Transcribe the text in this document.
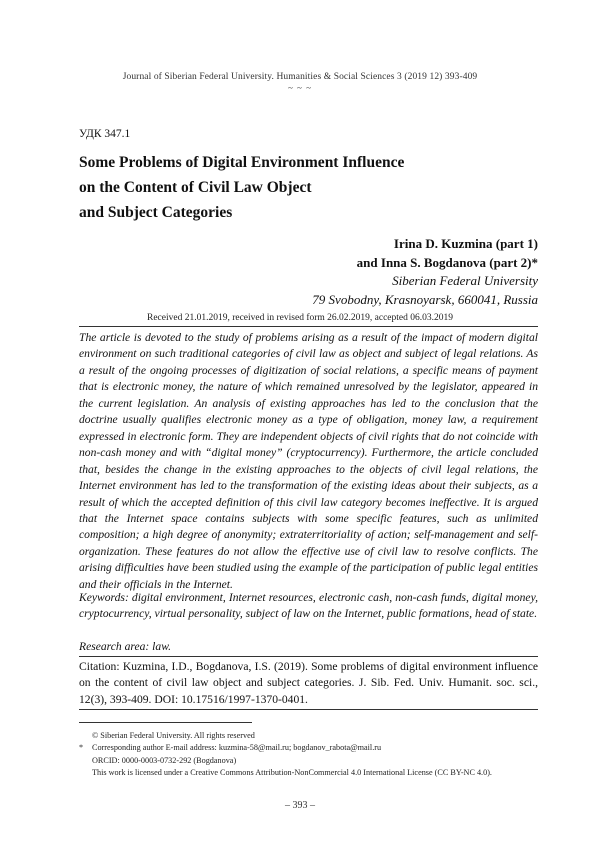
Journal of Siberian Federal University. Humanities & Social Sciences 3 (2019 12) 393-409
~ ~ ~
УДК 347.1
Some Problems of Digital Environment Influence
on the Content of Civil Law Object
and Subject Categories
Irina D. Kuzmina (part 1)
and Inna S. Bogdanova (part 2)*
Siberian Federal University
79 Svobodny, Krasnoyarsk, 660041, Russia
Received 21.01.2019, received in revised form 26.02.2019, accepted 06.03.2019
The article is devoted to the study of problems arising as a result of the impact of modern digital environment on such traditional categories of civil law as object and subject of legal relations. As a result of the ongoing processes of digitization of social relations, a specific means of payment that is electronic money, the nature of which remained unresolved by the legislator, appeared in the current legislation. An analysis of existing approaches has led to the conclusion that the doctrine usually qualifies electronic money as a type of obligation, money law, a requirement expressed in electronic form. They are independent objects of civil rights that do not coincide with non-cash money and with “digital money” (cryptocurrency). Furthermore, the article concluded that, besides the change in the existing approaches to the objects of civil legal relations, the Internet environment has led to the transformation of the existing ideas about their subjects, as a result of which the accepted definition of this civil law category becomes ineffective. It is argued that the Internet space contains subjects with some specific features, such as unlimited composition; a high degree of anonymity; extraterritoriality of action; self-management and self-organization. These features do not allow the effective use of civil law to resolve conflicts. The arising difficulties have been studied using the example of the participation of public legal entities and their officials in the Internet.
Keywords: digital environment, Internet resources, electronic cash, non-cash funds, digital money, cryptocurrency, virtual personality, subject of law on the Internet, public formations, head of state.
Research area: law.
Citation: Kuzmina, I.D., Bogdanova, I.S. (2019). Some problems of digital environment influence on the content of civil law object and subject categories. J. Sib. Fed. Univ. Humanit. soc. sci., 12(3), 393-409. DOI: 10.17516/1997-1370-0401.
© Siberian Federal University. All rights reserved
* Corresponding author E-mail address: kuzmina-58@mail.ru; bogdanov_rabota@mail.ru
ORCID: 0000-0003-0732-292 (Bogdanova)
This work is licensed under a Creative Commons Attribution-NonCommercial 4.0 International License (CC BY-NC 4.0).
– 393 –
